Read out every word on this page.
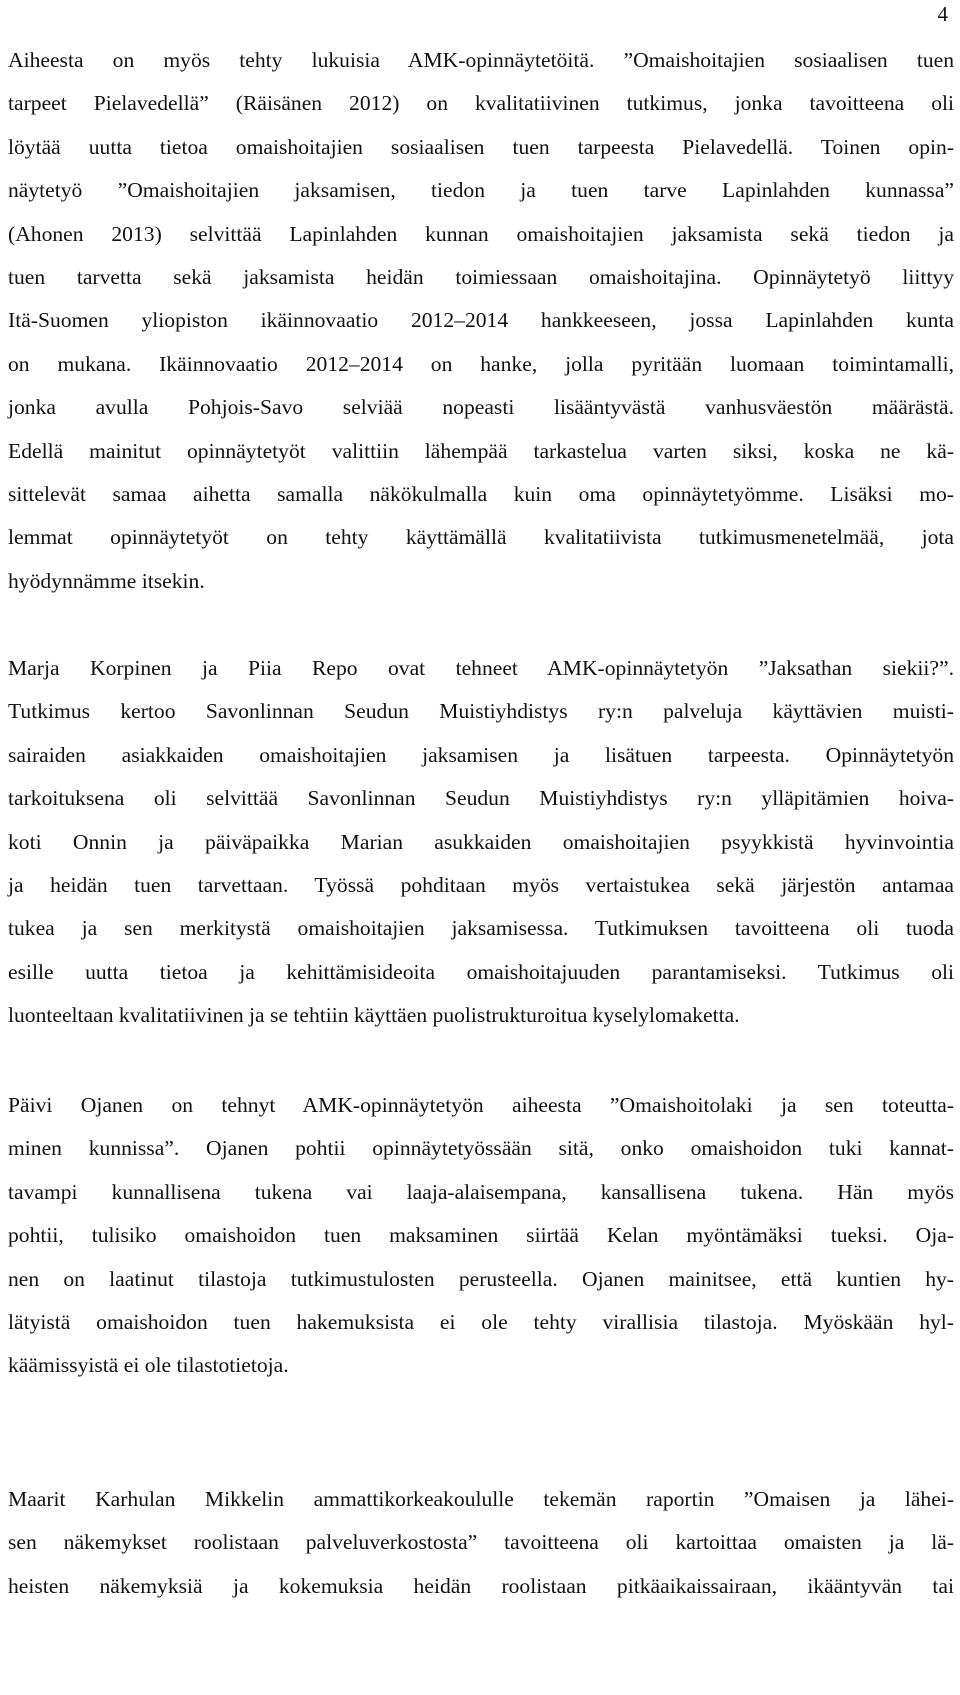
4

Aiheesta on myös tehty lukuisia AMK-opinnäytetöitä. ”Omaishoitajien sosiaalisen tuen
tarpeet Pielavedellä” (Räisänen 2012) on kvalitatiivinen tutkimus, jonka tavoitteena oli
löytää uutta tietoa omaishoitajien sosiaalisen tuen tarpeesta Pielavedellä. Toinen opin-
näytetyö ”Omaishoitajien jaksamisen, tiedon ja tuen tarve Lapinlahden kunnassa”
(Ahonen 2013) selvittää Lapinlahden kunnan omaishoitajien jaksamista sekä tiedon ja
tuen tarvetta sekä jaksamista heidän toimiessaan omaishoitajina. Opinnäytetyö liittyy
Itä-Suomen yliopiston ikäinnovaatio 2012–2014 hankkeeseen, jossa Lapinlahden kunta
on mukana. Ikäinnovaatio 2012–2014 on hanke, jolla pyritään luomaan toimintamalli,
jonka avulla Pohjois-Savo selviää nopeasti lisääntyvästä vanhusväestön määrästä.
Edellä mainitut opinnäytetyöt valittiin lähempää tarkastelua varten siksi, koska ne kä-
sittelevät samaa aihetta samalla näkökulmalla kuin oma opinnäytetyömme. Lisäksi mo-
lemmat opinnäytetyöt on tehty käyttämällä kvalitatiivista tutkimusmenetelmää, jota
hyödynnämme itsekin.

Marja Korpinen ja Piia Repo ovat tehneet AMK-opinnäytetyön ”Jaksathan siekii?”.
Tutkimus kertoo Savonlinnan Seudun Muistiyhdistys ry:n palveluja käyttävien muisti-
sairaiden asiakkaiden omaishoitajien jaksamisen ja lisätuen tarpeesta. Opinnäytetyön
tarkoituksena oli selvittää Savonlinnan Seudun Muistiyhdistys ry:n ylläpitämien hoiva-
koti Onnin ja päiväpaikka Marian asukkaiden omaishoitajien psyykkistä hyvinvointia
ja heidän tuen tarvettaan. Työssä pohditaan myös vertaistukea sekä järjestön antamaa
tukea ja sen merkitystä omaishoitajien jaksamisessa. Tutkimuksen tavoitteena oli tuoda
esille uutta tietoa ja kehittämisideoita omaishoitajuuden parantamiseksi. Tutkimus oli
luonteeltaan kvalitatiivinen ja se tehtiin käyttäen puolistrukturoitua kyselylomaketta.

Päivi Ojanen on tehnyt AMK-opinnäytetyön aiheesta ”Omaishoitolaki ja sen toteutta-
minen kunnissa”. Ojanen pohtii opinnäytetyössään sitä, onko omaishoidon tuki kannat-
tavampi kunnallisena tukena vai laaja-alaisempana, kansallisena tukena. Hän myös
pohtii, tulisiko omaishoidon tuen maksaminen siirtää Kelan myöntämäksi tueksi. Oja-
nen on laatinut tilastoja tutkimustulosten perusteella. Ojanen mainitsee, että kuntien hy-
lätyistä omaishoidon tuen hakemuksista ei ole tehty virallisia tilastoja. Myöskään hyl-
käämissyistä ei ole tilastotietoja.

Maarit Karhulan Mikkelin ammattikorkeakoululle tekemän raportin ”Omaisen ja lähei-
sen näkemykset roolistaan palveluverkostosta” tavoitteena oli kartoittaa omaisten ja lä-
heisten näkemyksiä ja kokemuksia heidän roolistaan pitkäaikaissairaan, ikääntyvän tai
